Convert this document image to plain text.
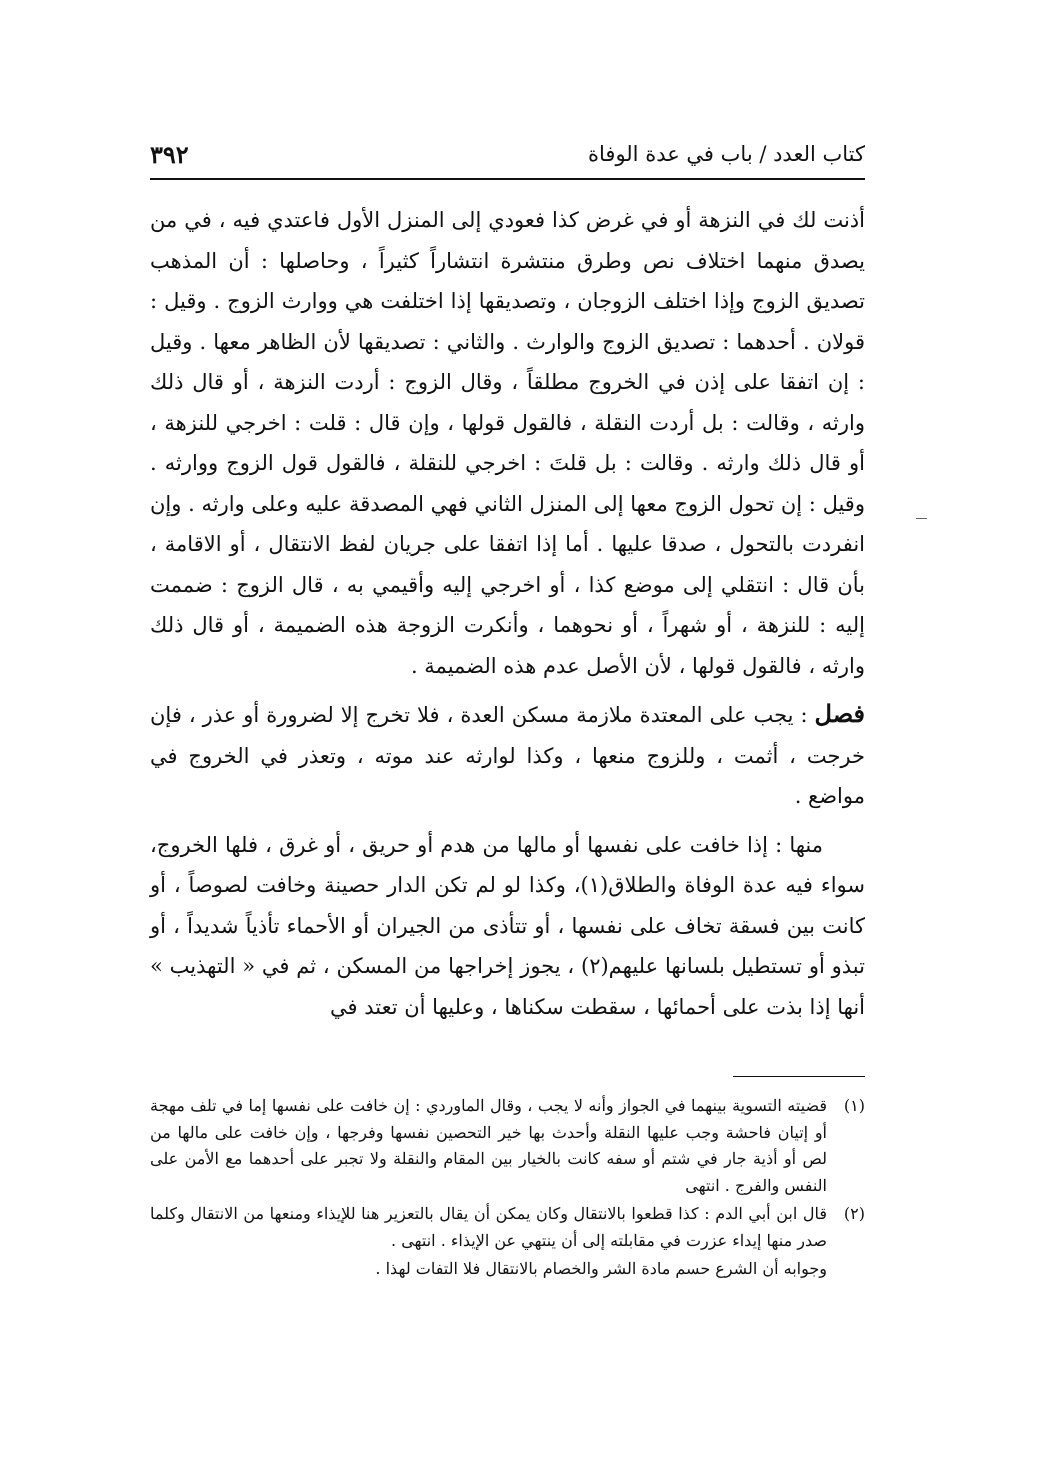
كتاب العدد / باب في عدة الوفاة
٣٩٢

أذنت لك في النزهة أو في غرض كذا فعودي إلى المنزل الأول فاعتدي فيه ، في من يصدق منهما اختلاف نص وطرق منتشرة انتشاراً كثيراً ، وحاصلها : أن المذهب تصديق الزوج وإذا اختلف الزوجان ، وتصديقها إذا اختلفت هي ووارث الزوج . وقيل : قولان . أحدهما : تصديق الزوج والوارث . والثاني : تصديقها لأن الظاهر معها . وقيل : إن اتفقا على إذن في الخروج مطلقاً ، وقال الزوج : أردت النزهة ، أو قال ذلك وارثه ، وقالت : بل أردت النقلة ، فالقول قولها ، وإن قال : قلت : اخرجي للنزهة ، أو قال ذلك وارثه . وقالت : بل قلتَ : اخرجي للنقلة ، فالقول قول الزوج ووارثه . وقيل : إن تحول الزوج معها إلى المنزل الثاني فهي المصدقة عليه وعلى وارثه . وإن انفردت بالتحول ، صدقا عليها . أما إذا اتفقا على جريان لفظ الانتقال ، أو الاقامة ، بأن قال : انتقلي إلى موضع كذا ، أو اخرجي إليه وأقيمي به ، قال الزوج : ضممت إليه : للنزهة ، أو شهراً ، أو نحوهما ، وأنكرت الزوجة هذه الضميمة ، أو قال ذلك وارثه ، فالقول قولها ، لأن الأصل عدم هذه الضميمة .

فصل : يجب على المعتدة ملازمة مسكن العدة ، فلا تخرج إلا لضرورة أو عذر ، فإن خرجت ، أثمت ، وللزوج منعها ، وكذا لوارثه عند موته ، وتعذر في الخروج في مواضع .

منها : إذا خافت على نفسها أو مالها من هدم أو حريق ، أو غرق ، فلها الخروج، سواء فيه عدة الوفاة والطلاق(١)، وكذا لو لم تكن الدار حصينة وخافت لصوصاً ، أو كانت بين فسقة تخاف على نفسها ، أو تتأذى من الجيران أو الأحماء تأذياً شديداً ، أو تبذو أو تستطيل بلسانها عليهم(٢) ، يجوز إخراجها من المسكن ، ثم في « التهذيب » أنها إذا بذت على أحمائها ، سقطت سكناها ، وعليها أن تعتد في

(١)
قضيته التسوية بينهما في الجواز وأنه لا يجب ، وقال الماوردي : إن خافت على نفسها إما في تلف مهجة أو إتيان فاحشة وجب عليها النقلة وأحدث بها خير التحصين نفسها وفرجها ، وإن خافت على مالها من لص أو أذية جار في شتم أو سفه كانت بالخيار بين المقام والنقلة ولا تجبر على أحدهما مع الأمن على النفس والفرج . انتهى
(٢)
قال ابن أبي الدم : كذا قطعوا بالانتقال وكان يمكن أن يقال بالتعزير هنا للإيذاء ومنعها من الانتقال وكلما صدر منها إيداء عزرت في مقابلته إلى أن ينتهي عن الإيذاء . انتهى .

وجوابه أن الشرع حسم مادة الشر والخصام بالانتقال فلا التفات لهذا .
